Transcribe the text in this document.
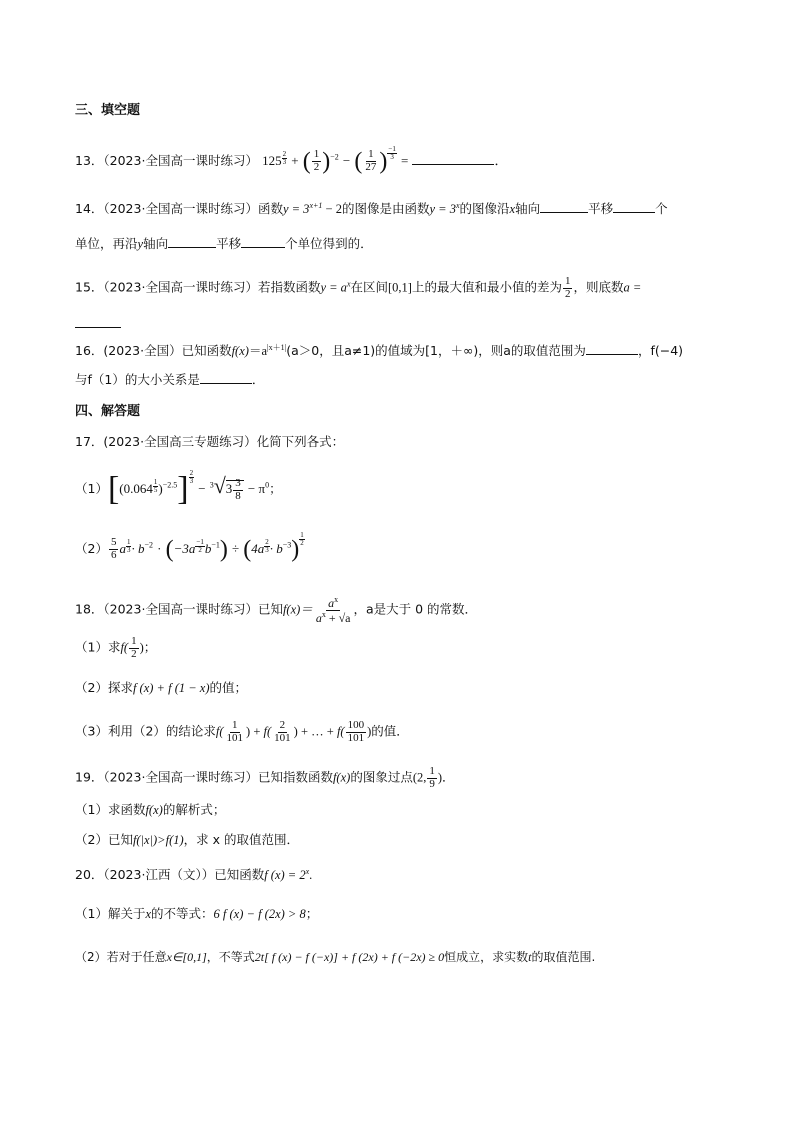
三、填空题
13．（2023·全国高一课时练习） $125 \frac{2}{3}$ + ( $\frac{1}{2} )^{-2}$ − ( $\frac{1}{27}$ ) $\frac{-1}{3}$ =	．
14．（2023·全国高一课时练习）函数$y = 3^{x+1} - 2$的图像是由函数$y = 3^x$的图像沿x轴向	平移	个
单位，再沿y轴向	平移	个单位得到的．
15．（2023·全国高一课时练习）若指数函数$y = a^x$在区间[0,1]上的最大值和最小值的差为 $\frac{1}{2}$ ，则底数a =
16．(2023·全国）已知函数$f(x)=a^{|x+1|}(a>0$，且a≠1)的值域为[1，＋∞)，则a的取值范围为	，f(−4)
与f（1）的大小关系是	．
四、解答题
17．(2023·全国高三专题练习）化简下列各式：
$(1)[(0.064 \frac{1}{5} )^{-2.5}] \frac{2}{3}$
− $^3√3 \frac{3}{8} - \pi^0$；
$(2) \frac{5}{6}$ a $\frac{1}{3} \cdot b^{-2} \cdot (-3a \frac{-1}{2} b^{-1}) \div (4a \frac{2}{3} \cdot b^{-3}) \frac{1}{2}$
18．（2023·全国高一课时练习）已知$f(x)= \frac{a^x}{a^x + √a}$ ，a是大于 0 的常数．
（1）求$f( \frac{1}{2}$ )；
（2）探求f (x) + f (1 − x)的值；
（3）利用（2）的结论求$f( \frac{1}{101}$ ) + $f( \frac{2}{101}$ ) + … + $f( \frac{100}{101}$ )的值．
19．（2023·全国高一课时练习）已知指数函数f(x)的图象过点(2, $\frac{1}{9}$ )．
（1）求函数f(x)的解析式；
（2）已知f(|x|)>f(1)，求 x 的取值范围．
20．（2023·江西（文））已知函数f $(x) = 2^x$.
（1）解关于x的不等式：6 f (x) − f (2x) > 8；
（2）若对于任意x∈[0,1]，不等式2t[ f (x) − f (−x)] + f (2x) + f (−2x) ≥ 0恒成立，求实数t的取值范围.
